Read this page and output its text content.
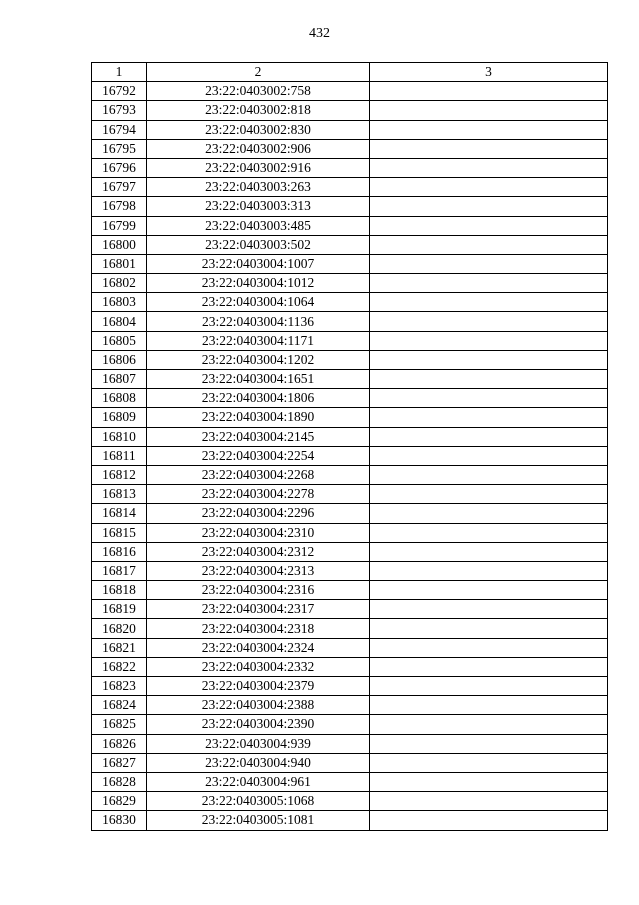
432
1	2	3
16792	23:22:0403002:758	
16793	23:22:0403002:818	
16794	23:22:0403002:830	
16795	23:22:0403002:906	
16796	23:22:0403002:916	
16797	23:22:0403003:263	
16798	23:22:0403003:313	
16799	23:22:0403003:485	
16800	23:22:0403003:502	
16801	23:22:0403004:1007	
16802	23:22:0403004:1012	
16803	23:22:0403004:1064	
16804	23:22:0403004:1136	
16805	23:22:0403004:1171	
16806	23:22:0403004:1202	
16807	23:22:0403004:1651	
16808	23:22:0403004:1806	
16809	23:22:0403004:1890	
16810	23:22:0403004:2145	
16811	23:22:0403004:2254	
16812	23:22:0403004:2268	
16813	23:22:0403004:2278	
16814	23:22:0403004:2296	
16815	23:22:0403004:2310	
16816	23:22:0403004:2312	
16817	23:22:0403004:2313	
16818	23:22:0403004:2316	
16819	23:22:0403004:2317	
16820	23:22:0403004:2318	
16821	23:22:0403004:2324	
16822	23:22:0403004:2332	
16823	23:22:0403004:2379	
16824	23:22:0403004:2388	
16825	23:22:0403004:2390	
16826	23:22:0403004:939	
16827	23:22:0403004:940	
16828	23:22:0403004:961	
16829	23:22:0403005:1068	
16830	23:22:0403005:1081	
